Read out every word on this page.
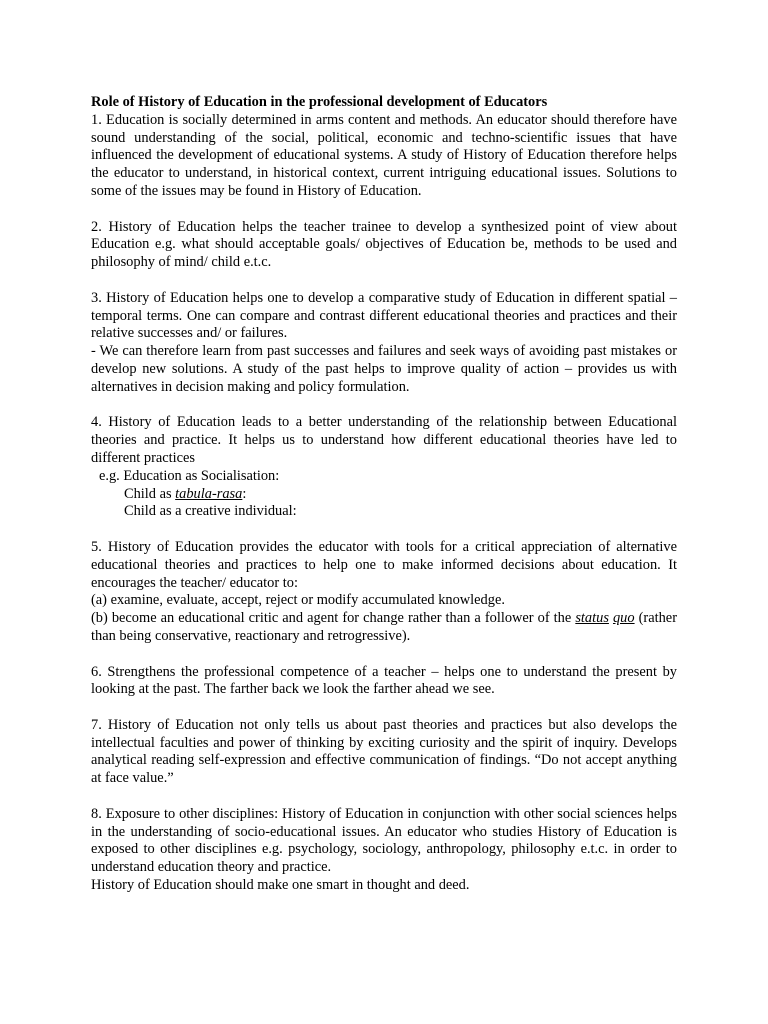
Role of History of Education in the professional development of Educators

1. Education is socially determined in arms content and methods. An educator should therefore have sound understanding of the social, political, economic and techno-scientific issues that have influenced the development of educational systems. A study of History of Education therefore helps the educator to understand, in historical context, current intriguing educational issues. Solutions to some of the issues may be found in History of Education.

2. History of Education helps the teacher trainee to develop a synthesized point of view about Education e.g. what should acceptable goals/ objectives of Education be, methods to be used and philosophy of mind/ child e.t.c.

3. History of Education helps one to develop a comparative study of Education in different spatial – temporal terms. One can compare and contrast different educational theories and practices and their relative successes and/ or failures.

- We can therefore learn from past successes and failures and seek ways of avoiding past mistakes or develop new solutions. A study of the past helps to improve quality of action – provides us with alternatives in decision making and policy formulation.

4. History of Education leads to a better understanding of the relationship between Educational theories and practice. It helps us to understand how different educational theories have led to different practices

e.g. Education as Socialisation:

Child as tabula-rasa:

Child as a creative individual:

5. History of Education provides the educator with tools for a critical appreciation of alternative educational theories and practices to help one to make informed decisions about education. It encourages the teacher/ educator to:

(a) examine, evaluate, accept, reject or modify accumulated knowledge.

(b) become an educational critic and agent for change rather than a follower of the status quo (rather than being conservative, reactionary and retrogressive).

6. Strengthens the professional competence of a teacher – helps one to understand the present by looking at the past. The farther back we look the farther ahead we see.

7. History of Education not only tells us about past theories and practices but also develops the intellectual faculties and power of thinking by exciting curiosity and the spirit of inquiry. Develops analytical reading self-expression and effective communication of findings. “Do not accept anything at face value.”

8. Exposure to other disciplines: History of Education in conjunction with other social sciences helps in the understanding of socio-educational issues. An educator who studies History of Education is exposed to other disciplines e.g. psychology, sociology, anthropology, philosophy e.t.c. in order to understand education theory and practice.

History of Education should make one smart in thought and deed.
